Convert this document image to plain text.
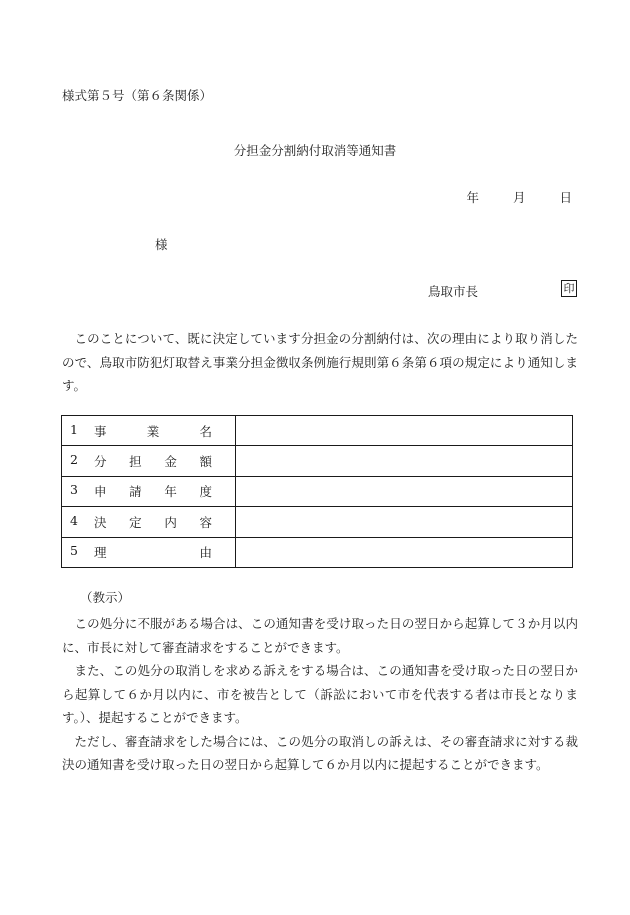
様式第５号（第６条関係）
分担金分割納付取消等通知書
年	月	日
様
鳥取市長	印
このことについて、既に決定しています分担金の分割納付は、次の理由により取り消したので、鳥取市防犯灯取替え事業分担金徴収条例施行規則第６条第６項の規定により通知します。
1 事業名	
2 分担金額	
3 申請年度	
4 決定内容	
5 理由	
（教示）

この処分に不服がある場合は、この通知書を受け取った日の翌日から起算して３か月以内に、市長に対して審査請求をすることができます。

また、この処分の取消しを求める訴えをする場合は、この通知書を受け取った日の翌日から起算して６か月以内に、市を被告として（訴訟において市を代表する者は市長となります。）、提起することができます。

ただし、審査請求をした場合には、この処分の取消しの訴えは、その審査請求に対する裁決の通知書を受け取った日の翌日から起算して６か月以内に提起することができます。
